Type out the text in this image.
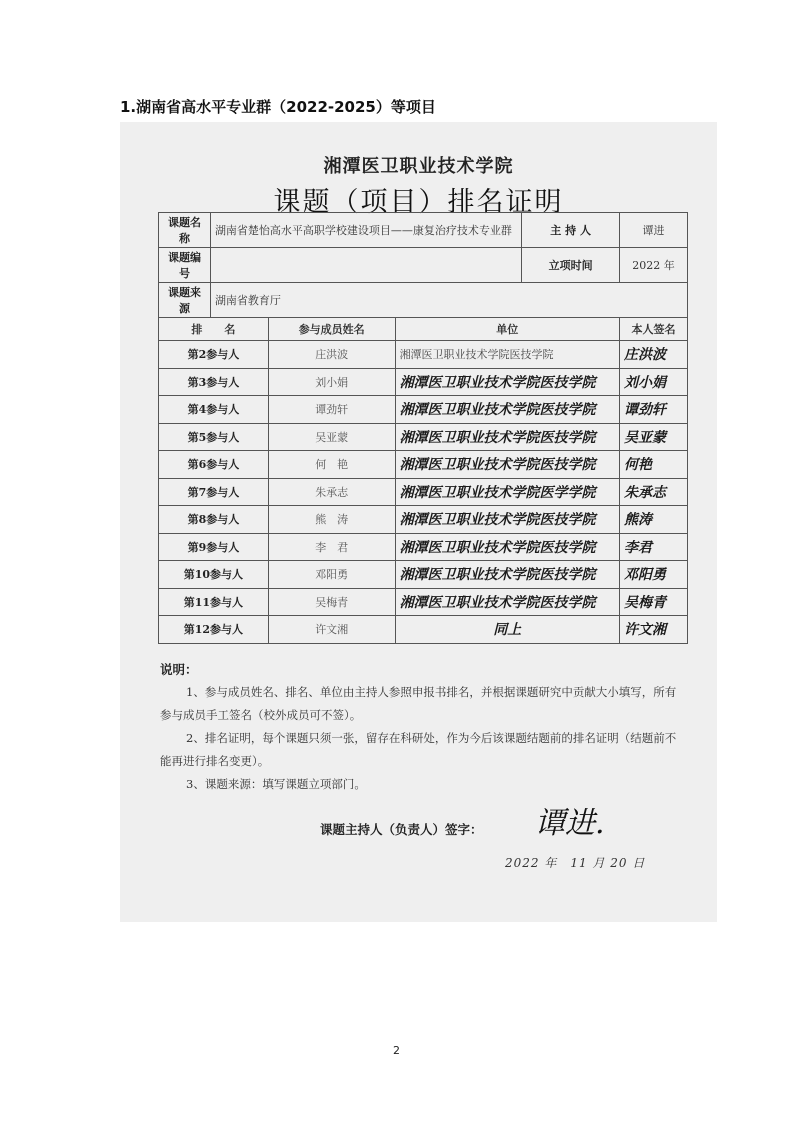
1.湖南省高水平专业群（2022-2025）等项目
湘潭医卫职业技术学院
课题（项目）排名证明
课题名称	湖南省楚怡高水平高职学校建设项目——康复治疗技术专业群			主 持 人	谭进
课题编号				立项时间	2022 年
课题来源	湖南省教育厅				
排　　名		参与成员姓名	单位		本人签名
第2参与人		庄洪波	湘潭医卫职业技术学院医技学院		庄洪波
第3参与人		刘小娟	湘潭医卫职业技术学院医技学院		刘小娟
第4参与人		谭劲轩	湘潭医卫职业技术学院医技学院		谭劲轩
第5参与人		吴亚蒙	湘潭医卫职业技术学院医技学院		吴亚蒙
第6参与人		何　艳	湘潭医卫职业技术学院医技学院		何艳
第7参与人		朱承志	湘潭医卫职业技术学院医学学院		朱承志
第8参与人		熊　涛	湘潭医卫职业技术学院医技学院		熊涛
第9参与人		李　君	湘潭医卫职业技术学院医技学院		李君
第10参与人		邓阳勇	湘潭医卫职业技术学院医技学院		邓阳勇
第11参与人		吴梅青	湘潭医卫职业技术学院医技学院		吴梅青
第12参与人		许文湘	同上		许文湘

说明：

1、参与成员姓名、排名、单位由主持人参照申报书排名，并根据课题研究中贡献大小填写，所有参与成员手工签名（校外成员可不签）。

2、排名证明，每个课题只须一张，留存在科研处，作为今后该课题结题前的排名证明（结题前不能再进行排名变更）。

3、课题来源：填写课题立项部门。

课题主持人（负责人）签字： 谭进.
2022 年　11 月 20 日
2
